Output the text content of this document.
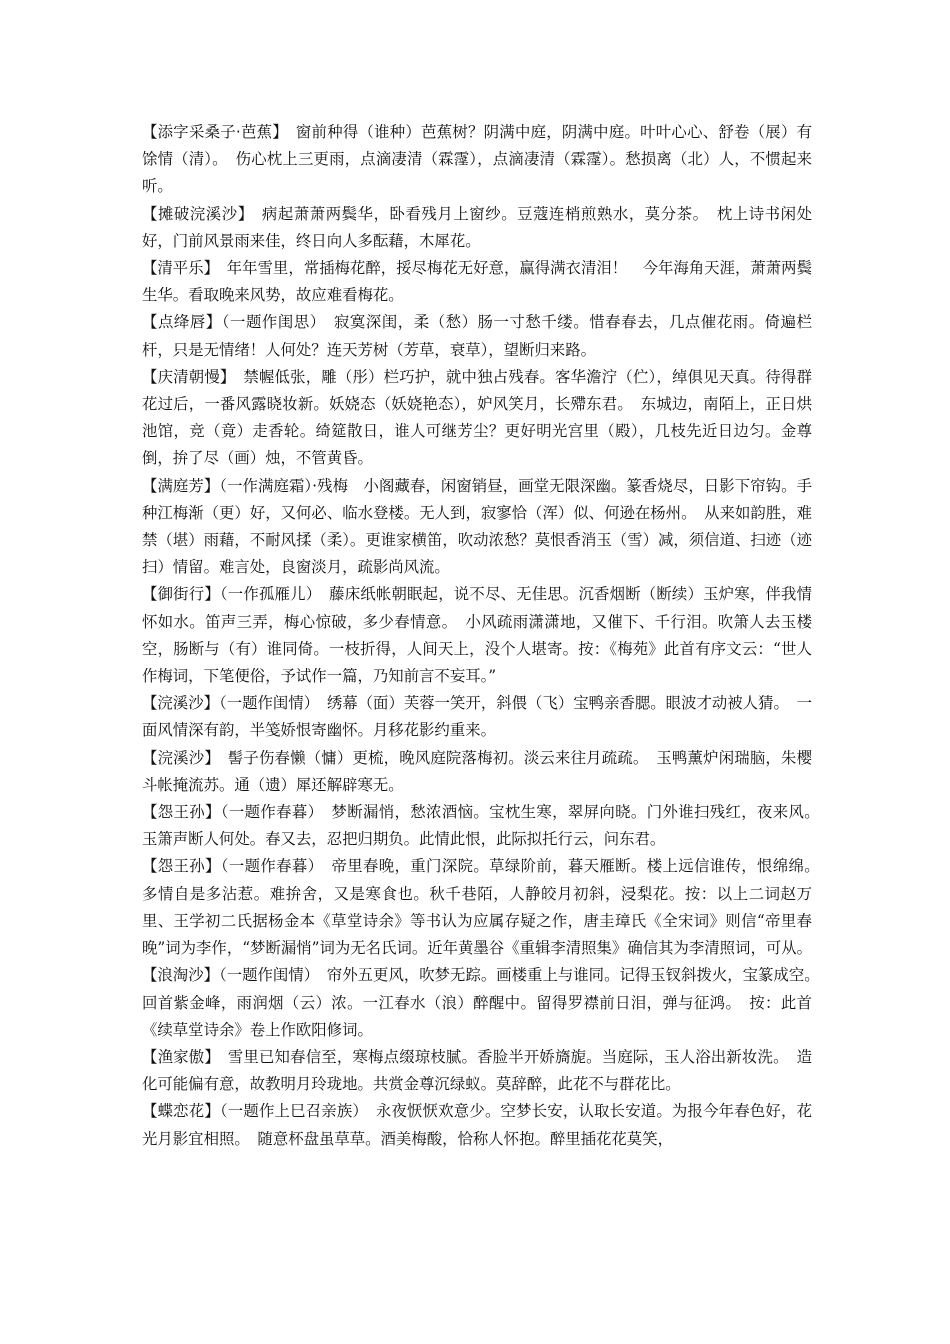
【添字采桑子·芭蕉】　窗前种得（谁种）芭蕉树？阴满中庭，阴满中庭。叶叶心心、舒卷（展）有馀情（清）。　伤心枕上三更雨，点滴凄清（霖霪），点滴凄清（霖霪）。愁损离（北）人，不惯起来听。

【摊破浣溪沙】　病起萧萧两鬓华，卧看残月上窗纱。豆蔻连梢煎熟水，莫分茶。　枕上诗书闲处好，门前风景雨来佳，终日向人多酝藉，木犀花。

【清平乐】　年年雪里，常插梅花醉，挼尽梅花无好意，赢得满衣清泪！　今年海角天涯，萧萧两鬓生华。看取晚来风势，故应难看梅花。

【点绛唇】（一题作闺思）　寂寞深闺，柔（愁）肠一寸愁千缕。惜春春去，几点催花雨。倚遍栏杆，只是无情绪！人何处？连天芳树（芳草，衰草），望断归来路。

【庆清朝慢】　禁幄低张，雕（彤）栏巧护，就中独占残春。客华澹泞（伫），绰俱见天真。待得群花过后，一番风露晓妆新。妖娆态（妖娆艳态），妒风笑月，长殢东君。　东城边，南陌上，正日烘池馆，竞（竟）走香轮。绮筵散日，谁人可继芳尘？更好明光宫里（殿），几枝先近日边匀。金尊倒，拚了尽（画）烛，不管黄昏。

【满庭芳】（一作满庭霜）·残梅　小阁藏春，闲窗销昼，画堂无限深幽。篆香烧尽，日影下帘钩。手种江梅渐（更）好，又何必、临水登楼。无人到，寂寥恰（浑）似、何逊在杨州。　从来如韵胜，难禁（堪）雨藉，不耐风揉（柔）。更谁家横笛，吹动浓愁？莫恨香消玉（雪）减，须信道、扫迹（迹扫）情留。难言处，良窗淡月，疏影尚风流。

【御街行】（一作孤雁儿）　藤床纸帐朝眠起，说不尽、无佳思。沉香烟断（断续）玉炉寒，伴我情怀如水。笛声三弄，梅心惊破，多少春情意。　小风疏雨潇潇地，又催下、千行泪。吹箫人去玉楼空，肠断与（有）谁同倚。一枝折得，人间天上，没个人堪寄。按：《梅苑》此首有序文云：“世人作梅词，下笔便俗，予试作一篇，乃知前言不妄耳。”

【浣溪沙】（一题作闺情）　绣幕（面）芙蓉一笑开，斜偎（飞）宝鸭亲香腮。眼波才动被人猜。　一面风情深有韵，半笺娇恨寄幽怀。月移花影约重来。

【浣溪沙】　髻子伤春懒（慵）更梳，晚风庭院落梅初。淡云来往月疏疏。　玉鸭薰炉闲瑞脑，朱樱斗帐掩流苏。通（遗）犀还解辟寒无。

【怨王孙】（一题作春暮）　梦断漏悄，愁浓酒恼。宝枕生寒，翠屏向晓。门外谁扫残红，夜来风。　玉箫声断人何处。春又去，忍把归期负。此情此恨，此际拟托行云，问东君。

【怨王孙】（一题作春暮）　帝里春晚，重门深院。草绿阶前，暮天雁断。楼上远信谁传，恨绵绵。　多情自是多沾惹。难拚舍，又是寒食也。秋千巷陌，人静皎月初斜，浸梨花。按：以上二词赵万里、王学初二氏据杨金本《草堂诗余》等书认为应属存疑之作，唐圭璋氏《全宋词》则信“帝里春晚”词为李作，“梦断漏悄”词为无名氏词。近年黄墨谷《重辑李清照集》确信其为李清照词，可从。

【浪淘沙】（一题作闺情）　帘外五更风，吹梦无踪。画楼重上与谁同。记得玉钗斜拨火，宝篆成空。　回首紫金峰，雨润烟（云）浓。一江春水（浪）醉醒中。留得罗襟前日泪，弹与征鸿。　按：此首《续草堂诗余》卷上作欧阳修词。

【渔家傲】　雪里已知春信至，寒梅点缀琼枝腻。香脸半开娇旖旎。当庭际，玉人浴出新妆洗。　造化可能偏有意，故教明月玲珑地。共赏金尊沉绿蚁。莫辞醉，此花不与群花比。

【蝶恋花】（一题作上巳召亲族）　永夜恹恹欢意少。空梦长安，认取长安道。为报今年春色好，花光月影宜相照。　随意杯盘虽草草。酒美梅酸，恰称人怀抱。醉里插花花莫笑，
